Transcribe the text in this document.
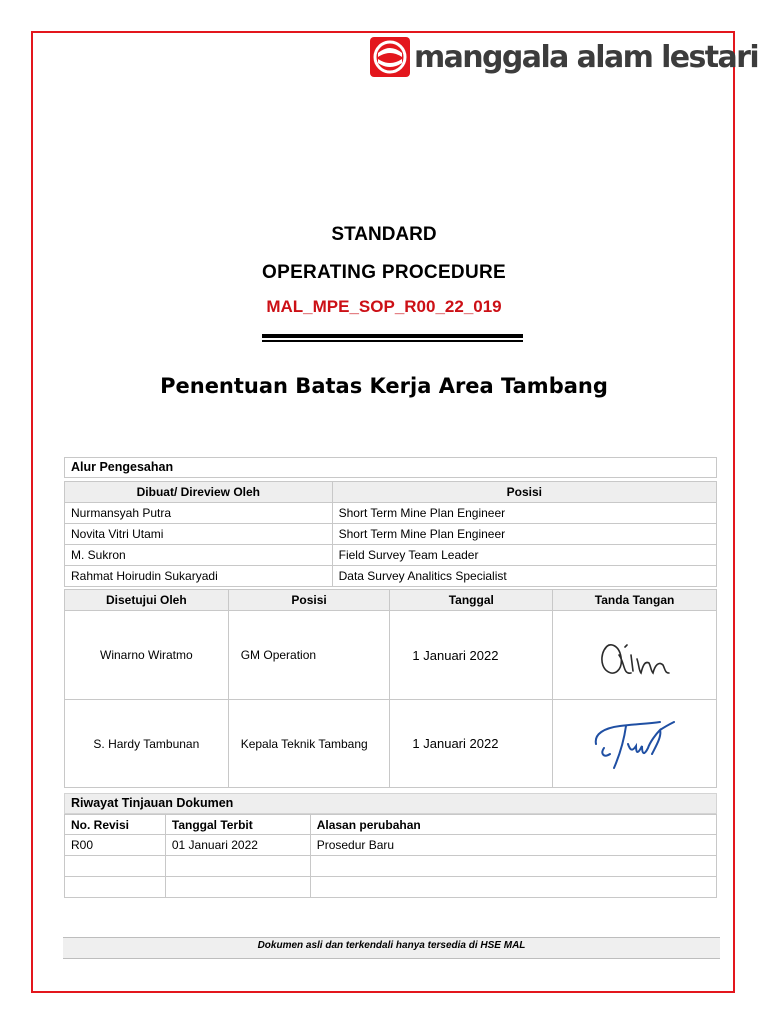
manggala alam lestari
STANDARD
OPERATING PROCEDURE
MAL_MPE_SOP_R00_22_019
Penentuan Batas Kerja Area Tambang
Alur Pengesahan
Dibuat/ Direview Oleh	Posisi
Nurmansyah Putra	Short Term Mine Plan Engineer
Novita Vitri Utami	Short Term Mine Plan Engineer
M. Sukron	Field Survey Team Leader
Rahmat Hoirudin Sukaryadi	Data Survey Analitics Specialist
Disetujui Oleh	Posisi	Tanggal	Tanda Tangan
Winarno Wiratmo	GM Operation	1 Januari 2022	

S. Hardy Tambunan	Kepala Teknik Tambang	1 Januari 2022	
Riwayat Tinjauan Dokumen
No. Revisi	Tanggal Terbit	Alasan perubahan
R00	01 Januari 2022	Prosedur Baru

Dokumen asli dan terkendali hanya tersedia di HSE MAL
